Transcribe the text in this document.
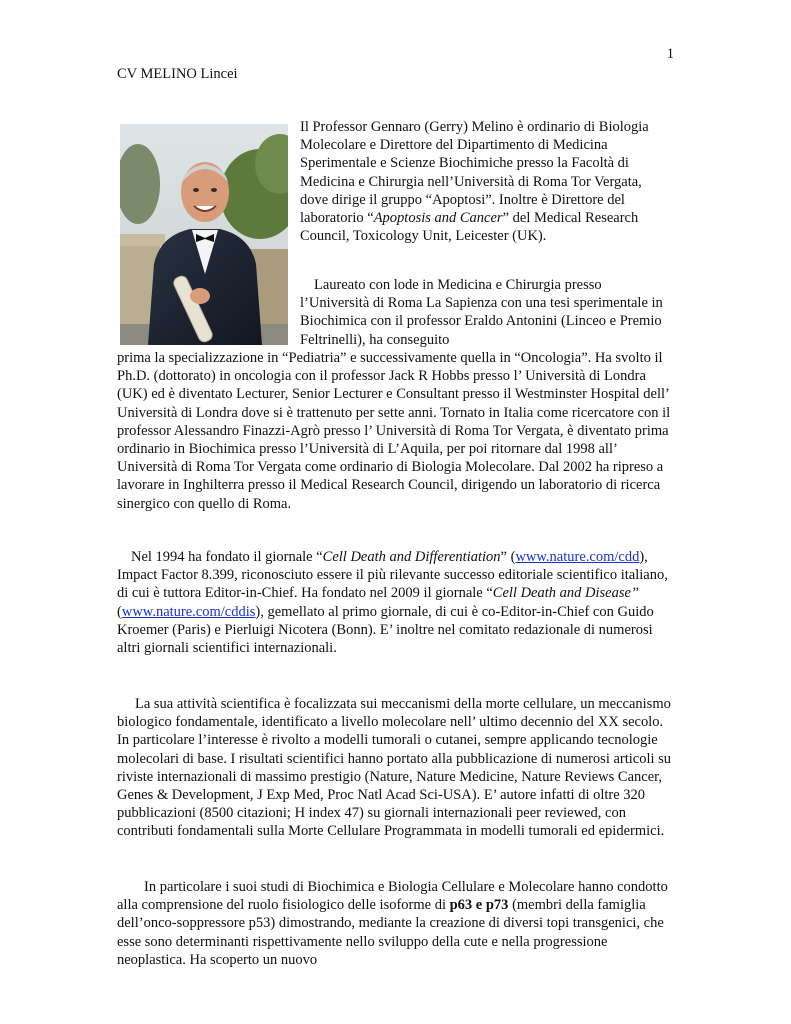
1
CV MELINO Lincei

Il Professor Gennaro (Gerry) Melino è ordinario di Biologia Molecolare e Direttore del Dipartimento di Medicina Sperimentale e Scienze Biochimiche presso la Facoltà di Medicina e Chirurgia nell’Università di Roma Tor Vergata, dove dirige il gruppo “Apoptosi”. Inoltre è Direttore del laboratorio “Apoptosis and Cancer” del Medical Research Council, Toxicology Unit, Leicester (UK).

Laureato con lode in Medicina e Chirurgia presso l’Università di Roma La Sapienza con una tesi sperimentale in Biochimica con il professor Eraldo Antonini (Linceo e Premio Feltrinelli), ha conseguito

prima la specializzazione in “Pediatria” e successivamente quella in “Oncologia”. Ha svolto il Ph.D. (dottorato) in oncologia con il professor Jack R Hobbs presso l’ Università di Londra (UK) ed è diventato Lecturer, Senior Lecturer e Consultant presso il Westminster Hospital dell’ Università di Londra dove si è trattenuto per sette anni. Tornato in Italia come ricercatore con il professor Alessandro Finazzi-Agrò presso l’ Università di Roma Tor Vergata, è diventato prima ordinario in Biochimica presso l’Università di L’Aquila, per poi ritornare dal 1998 all’ Università di Roma Tor Vergata come ordinario di Biologia Molecolare. Dal 2002 ha ripreso a lavorare in Inghilterra presso il Medical Research Council, dirigendo un laboratorio di ricerca sinergico con quello di Roma.

Nel 1994 ha fondato il giornale “Cell Death and Differentiation” (www.nature.com/cdd), Impact Factor 8.399, riconosciuto essere il più rilevante successo editoriale scientifico italiano, di cui è tuttora Editor-in-Chief. Ha fondato nel 2009 il giornale “Cell Death and Disease” (www.nature.com/cddis), gemellato al primo giornale, di cui è co-Editor-in-Chief con Guido Kroemer (Paris) e Pierluigi Nicotera (Bonn). E’ inoltre nel comitato redazionale di numerosi altri giornali scientifici internazionali.

La sua attività scientifica è focalizzata sui meccanismi della morte cellulare, un meccanismo biologico fondamentale, identificato a livello molecolare nell’ ultimo decennio del XX secolo. In particolare l’interesse è rivolto a modelli tumorali o cutanei, sempre applicando tecnologie molecolari di base. I risultati scientifici hanno portato alla pubblicazione di numerosi articoli su riviste internazionali di massimo prestigio (Nature, Nature Medicine, Nature Reviews Cancer, Genes & Development, J Exp Med, Proc Natl Acad Sci-USA). E’ autore infatti di oltre 320 pubblicazioni (8500 citazioni; H index 47) su giornali internazionali peer reviewed, con contributi fondamentali sulla Morte Cellulare Programmata in modelli tumorali ed epidermici.

In particolare i suoi studi di Biochimica e Biologia Cellulare e Molecolare hanno condotto alla comprensione del ruolo fisiologico delle isoforme di p63 e p73 (membri della famiglia dell’onco-soppressore p53) dimostrando, mediante la creazione di diversi topi transgenici, che esse sono determinanti rispettivamente nello sviluppo della cute e nella progressione neoplastica. Ha scoperto un nuovo
